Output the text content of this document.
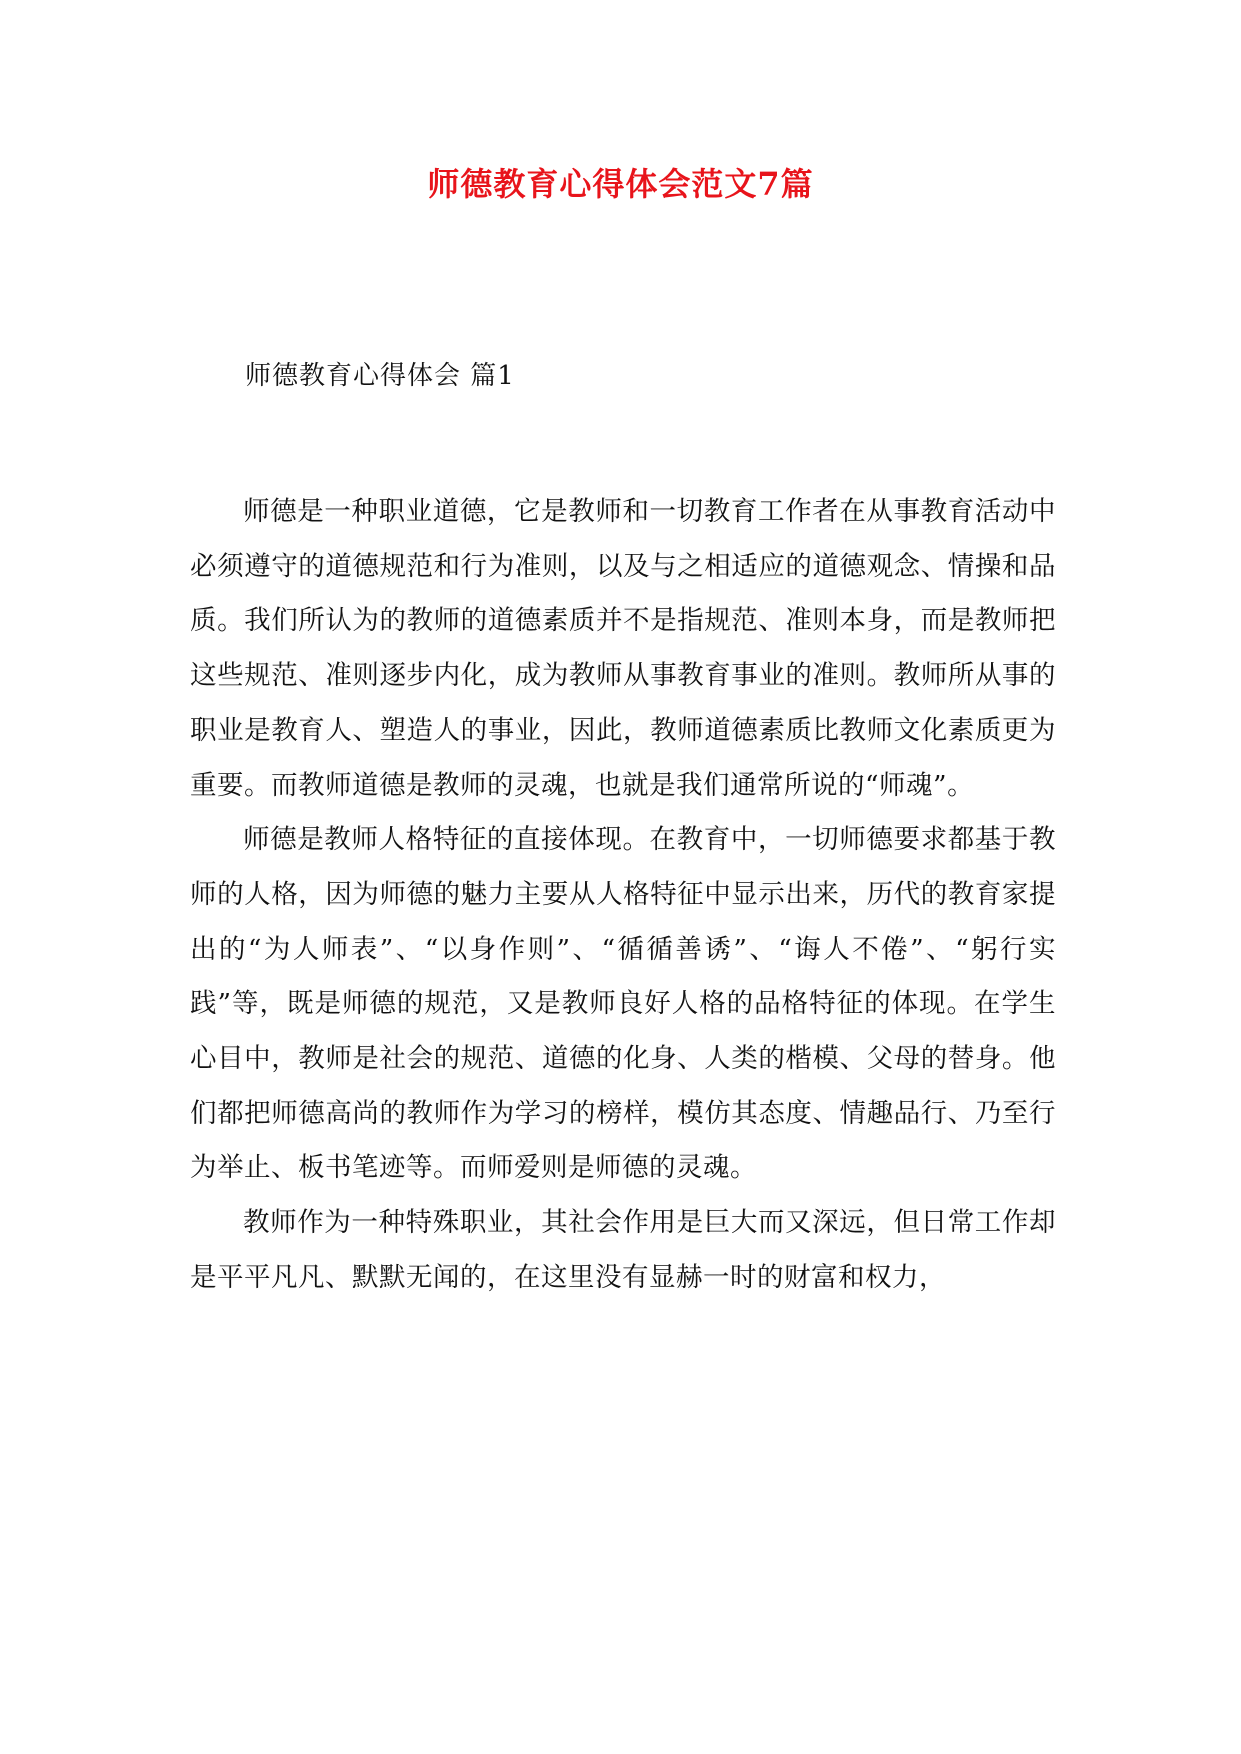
师德教育心得体会范文7篇
师德教育心得体会 篇1

师德是一种职业道德，它是教师和一切教育工作者在从事教育活动中必须遵守的道德规范和行为准则，以及与之相适应的道德观念、情操和品质。我们所认为的教师的道德素质并不是指规范、准则本身，而是教师把这些规范、准则逐步内化，成为教师从事教育事业的准则。教师所从事的职业是教育人、塑造人的事业，因此，教师道德素质比教师文化素质更为重要。而教师道德是教师的灵魂，也就是我们通常所说的“师魂”。

师德是教师人格特征的直接体现。在教育中，一切师德要求都基于教师的人格，因为师德的魅力主要从人格特征中显示出来，历代的教育家提出的“为人师表”、“以身作则”、“循循善诱”、“诲人不倦”、“躬行实践”等，既是师德的规范，又是教师良好人格的品格特征的体现。在学生心目中，教师是社会的规范、道德的化身、人类的楷模、父母的替身。他们都把师德高尚的教师作为学习的榜样，模仿其态度、情趣品行、乃至行为举止、板书笔迹等。而师爱则是师德的灵魂。

教师作为一种特殊职业，其社会作用是巨大而又深远，但日常工作却是平平凡凡、默默无闻的，在这里没有显赫一时的财富和权力，
